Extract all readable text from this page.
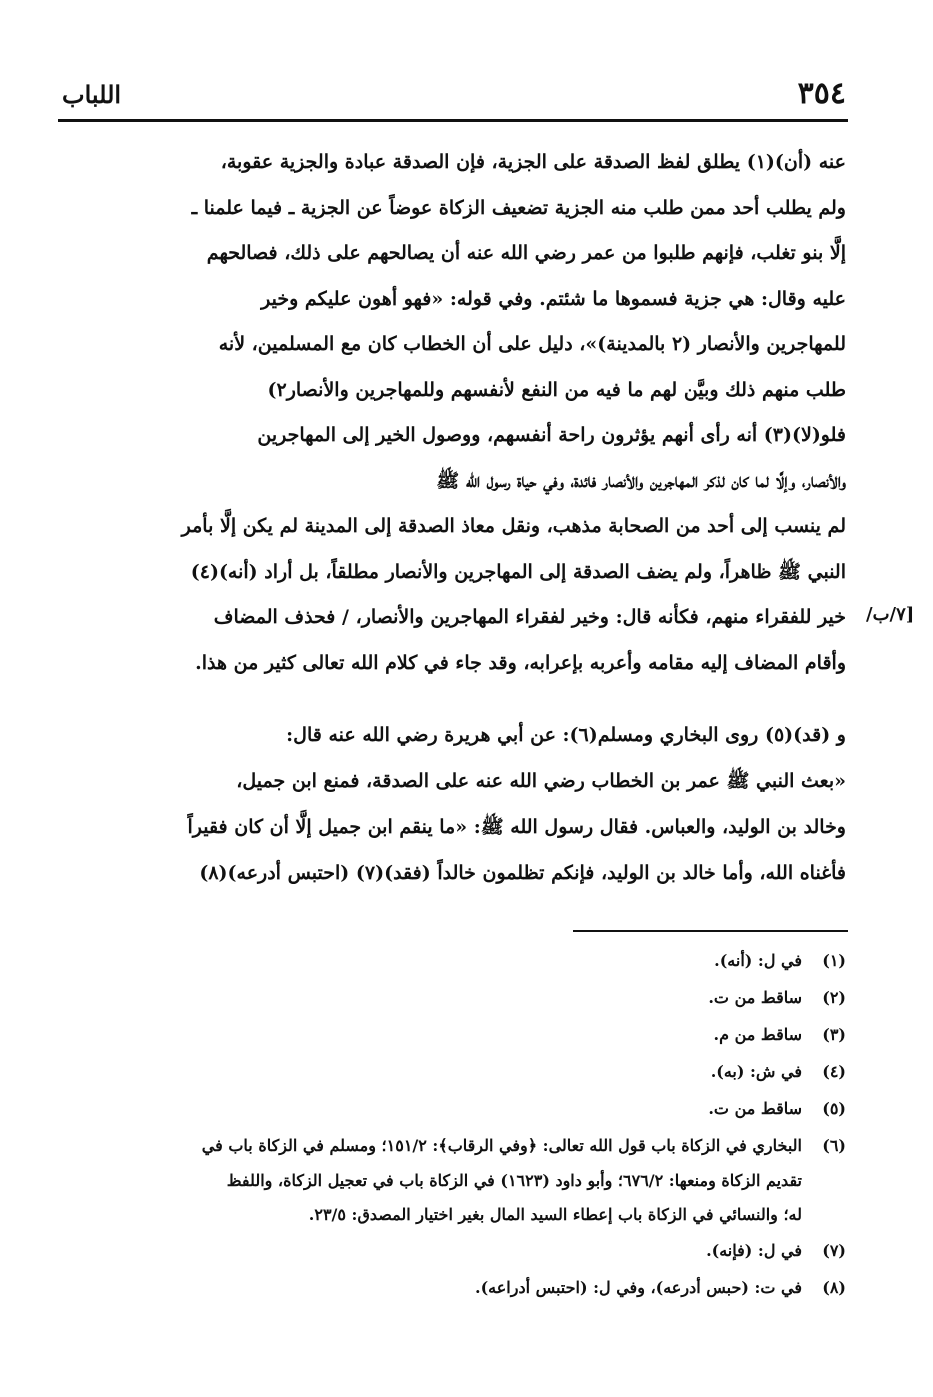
٣٥٤
اللباب
عنه (أن)(١) يطلق لفظ الصدقة على الجزية، فإن الصدقة عبادة والجزية عقوبة،
ولم يطلب أحد ممن طلب منه الجزية تضعيف الزكاة عوضاً عن الجزية ـ فيما علمنا ـ
إلَّا بنو تغلب، فإنهم طلبوا من عمر رضي الله عنه أن يصالحهم على ذلك، فصالحهم
عليه وقال: هي جزية فسموها ما شئتم. وفي قوله: «فهو أهون عليكم وخير
للمهاجرين والأنصار (٢ بالمدينة)»، دليل على أن الخطاب كان مع المسلمين، لأنه
طلب منهم ذلك وبيَّن لهم ما فيه من النفع لأنفسهم وللمهاجرين والأنصار٢)
فلو(لا)(٣) أنه رأى أنهم يؤثرون راحة أنفسهم، ووصول الخير إلى المهاجرين
والأنصار، وإلَّا لما كان لذكر المهاجرين والأنصار فائدة، وفي حياة رسول الله ﷺ
لم ينسب إلى أحد من الصحابة مذهب، ونقل معاذ الصدقة إلى المدينة لم يكن إلَّا بأمر
النبي ﷺ ظاهراً، ولم يضف الصدقة إلى المهاجرين والأنصار مطلقاً، بل أراد (أنه)(٤)
خير للفقراء منهم، فكأنه قال: وخير لفقراء المهاجرين والأنصار، / فحذف المضاف
وأقام المضاف إليه مقامه وأعربه بإعرابه، وقد جاء في كلام الله تعالى كثير من هذا.
/٧/ب]
و (قد)(٥) روى البخاري ومسلم(٦): عن أبي هريرة رضي الله عنه قال:
«بعث النبي ﷺ عمر بن الخطاب رضي الله عنه على الصدقة، فمنع ابن جميل،
وخالد بن الوليد، والعباس. فقال رسول الله ﷺ: «ما ينقم ابن جميل إلَّا أن كان فقيراً
فأغناه الله، وأما خالد بن الوليد، فإنكم تظلمون خالداً (فقد)(٧) (احتبس أدرعه)(٨)
(١)في ل: (أنه).
(٢)ساقط من ت.
(٣)ساقط من م.
(٤)في ش: (به).
(٥)ساقط من ت.
(٦)البخاري في الزكاة باب قول الله تعالى: ﴿وفي الرقاب﴾: ١٥١/٢؛ ومسلم في الزكاة باب في
تقديم الزكاة ومنعها: ٦٧٦/٢؛ وأبو داود (١٦٢٣) في الزكاة باب في تعجيل الزكاة، واللفظ
له؛ والنسائي في الزكاة باب إعطاء السيد المال بغير اختيار المصدق: ٢٣/٥.
(٧)في ل: (فإنه).
(٨)في ت: (حبس أدرعه)، وفي ل: (احتبس أدراعه).
